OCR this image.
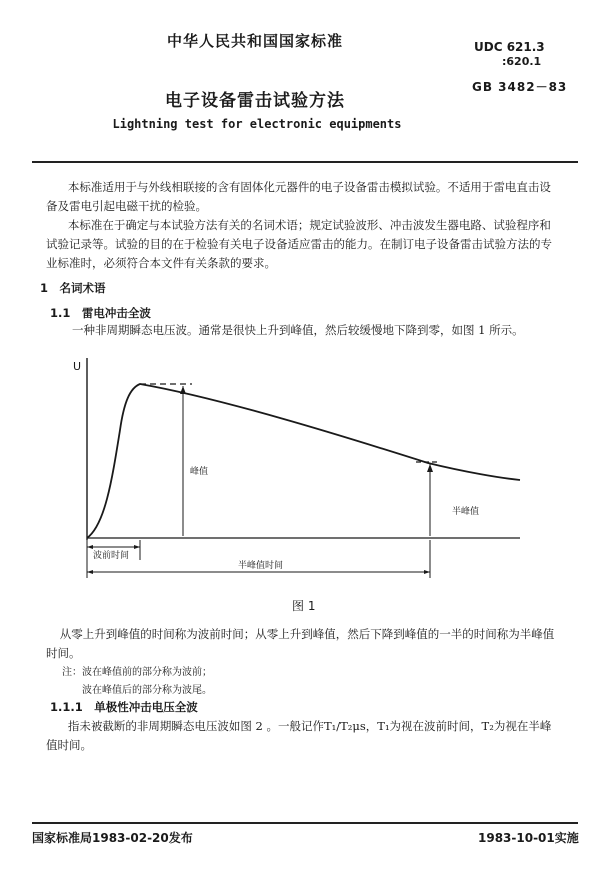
中华人民共和国国家标准	UDC 621.3
:620.1
GB 3482－83
电子设备雷击试验方法
Lightning test for electronic equipments
本标准适用于与外线相联接的含有固体化元器件的电子设备雷击模拟试验。不适用于雷电直击设备及雷电引起电磁干扰的检验。
本标准在于确定与本试验方法有关的名词术语；规定试验波形、冲击波发生器电路、试验程序和试验记录等。试验的目的在于检验有关电子设备适应雷击的能力。在制订电子设备雷击试验方法的专业标准时，必须符合本文件有关条款的要求。
1　名词术语
1.1　雷电冲击全波
一种非周期瞬态电压波。通常是很快上升到峰值，然后较缓慢地下降到零，如图 1 所示。
U
峰值
半峰值
波前时间
半峰值时间
图 1
从零上升到峰值的时间称为波前时间；从零上升到峰值，然后下降到峰值的一半的时间称为半峰值时间。
注：波在峰值前的部分称为波前；
波在峰值后的部分称为波尾。
1.1.1　单极性冲击电压全波
指未被截断的非周期瞬态电压波如图 2 。一般记作T₁/T₂μs，T₁为视在波前时间，T₂为视在半峰值时间。
国家标准局1983-02-20发布	1983-10-01实施
